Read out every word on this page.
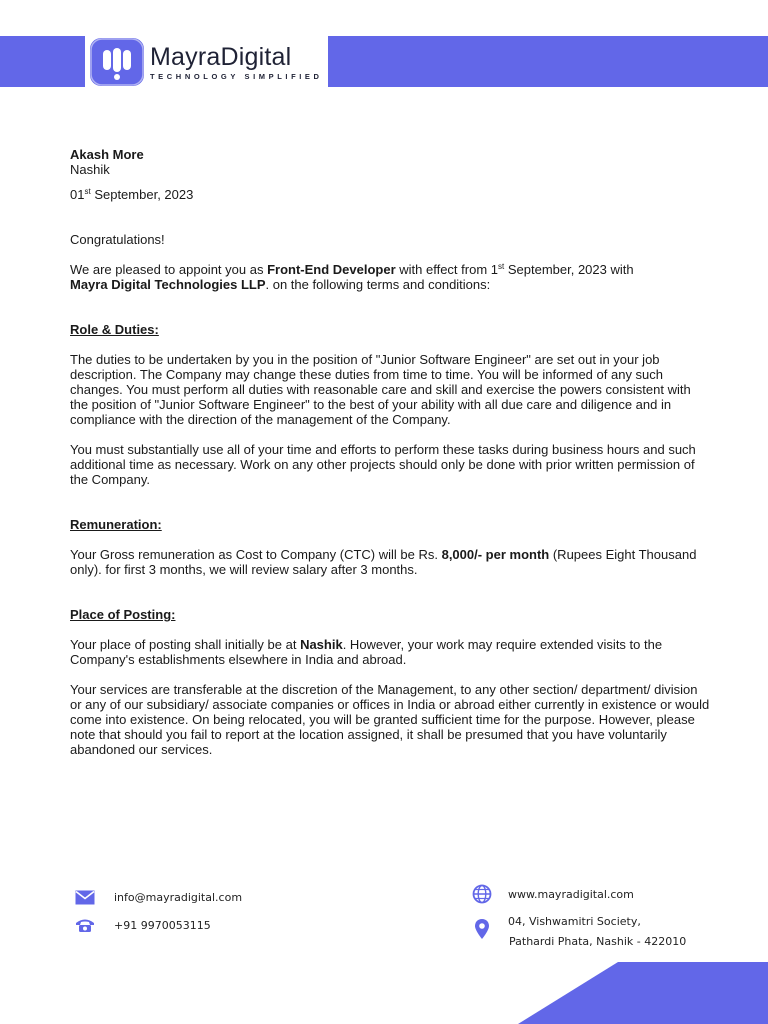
MayraDigital
TECHNOLOGY SIMPLIFIED

Akash More

Nashik

01st September, 2023

Congratulations!

We are pleased to appoint you as Front-End Developer with effect from 1st September, 2023 with
Mayra Digital Technologies LLP. on the following terms and conditions:

Role & Duties:

The duties to be undertaken by you in the position of "Junior Software Engineer" are set out in your job description. The Company may change these duties from time to time. You will be informed of any such changes. You must perform all duties with reasonable care and skill and exercise the powers consistent with the position of "Junior Software Engineer" to the best of your ability with all due care and diligence and in compliance with the direction of the management of the Company.

You must substantially use all of your time and efforts to perform these tasks during business hours and such additional time as necessary. Work on any other projects should only be done with prior written permission of the Company.

Remuneration:

Your Gross remuneration as Cost to Company (CTC) will be Rs. 8,000/- per month (Rupees Eight Thousand only). for first 3 months, we will review salary after 3 months.

Place of Posting:

Your place of posting shall initially be at Nashik. However, your work may require extended visits to the Company's establishments elsewhere in India and abroad.

Your services are transferable at the discretion of the Management, to any other section/ department/ division or any of our subsidiary/ associate companies or offices in India or abroad either currently in existence or would come into existence. On being relocated, you will be granted sufficient time for the purpose. However, please note that should you fail to report at the location assigned, it shall be presumed that you have voluntarily abandoned our services.

info@mayradigital.com
+91 9970053115
www.mayradigital.com
04, Vishwamitri Society,
Pathardi Phata, Nashik - 422010
